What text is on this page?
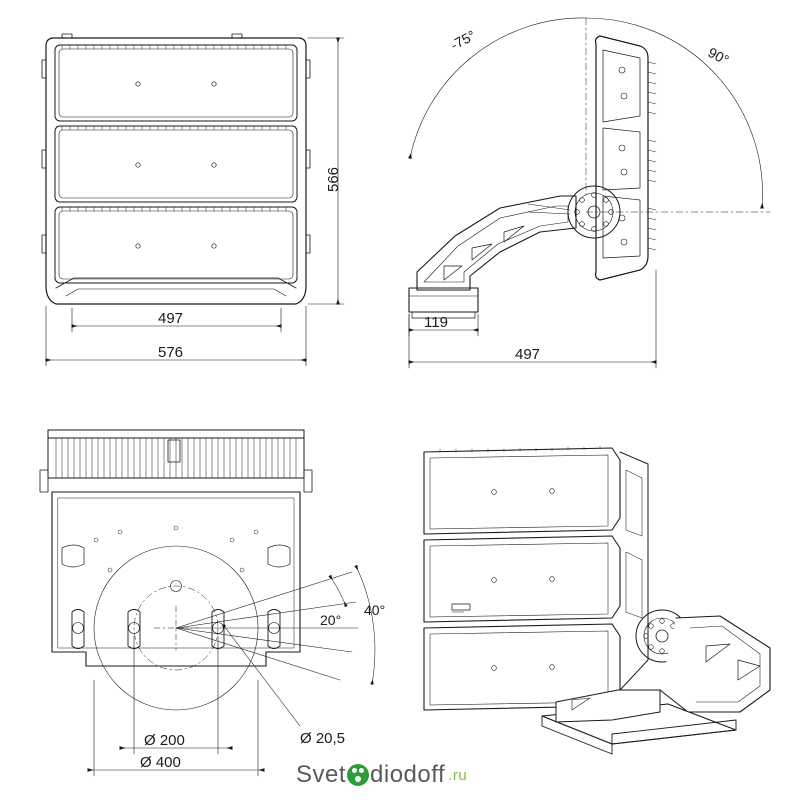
497
576
566
119
497
Ø 200
Ø 400
Ø 20,5
-75°
90°
20°
40°
Svet diodoff .ru
